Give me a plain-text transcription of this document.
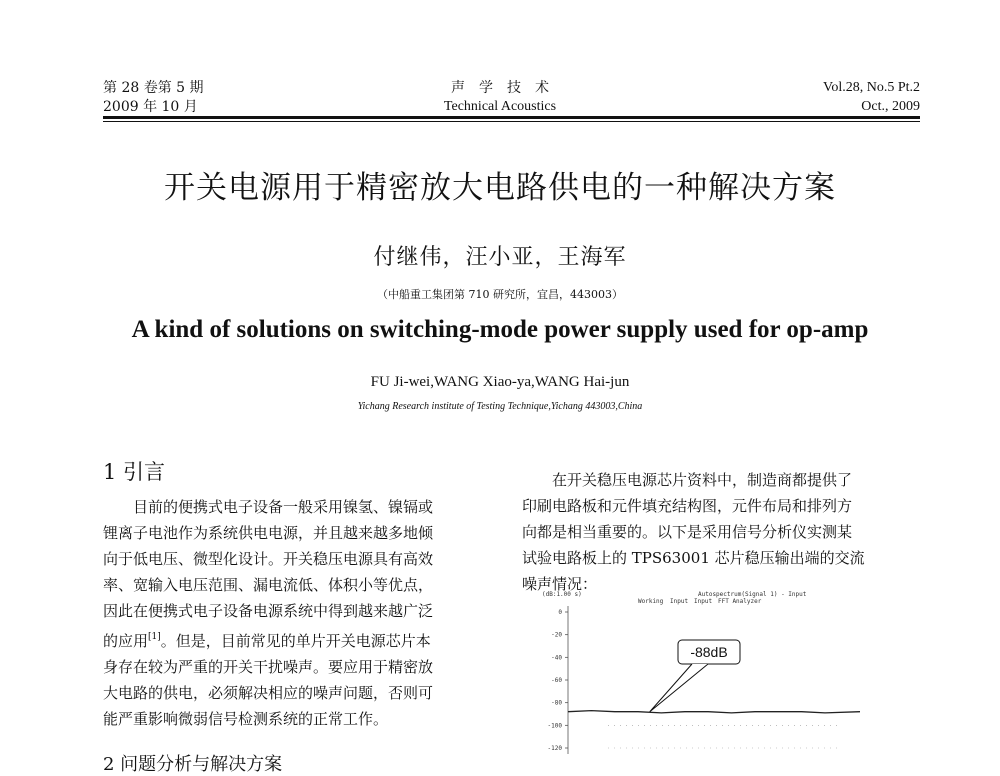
第 28 卷第 5 期
2009 年 10 月
声　学　技　术
Technical Acoustics
Vol.28, No.5 Pt.2
Oct., 2009
开关电源用于精密放大电路供电的一种解决方案
付继伟，汪小亚，王海军
（中船重工集团第 710 研究所，宜昌，443003）
A kind of solutions on switching-mode power supply used for op-amp
FU Ji-wei,WANG Xiao-ya,WANG Hai-jun
Yichang Research institute of Testing Technique,Yichang 443003,China
1 引言
目前的便携式电子设备一般采用镍氢、镍镉或
锂离子电池作为系统供电电源，并且越来越多地倾
向于低电压、微型化设计。开关稳压电源具有高效
率、宽输入电压范围、漏电流低、体积小等优点，
因此在便携式电子设备电源系统中得到越来越广泛
的应用[1]。但是，目前常见的单片开关电源芯片本
身存在较为严重的开关干扰噪声。要应用于精密放
大电路的供电，必须解决相应的噪声问题，否则可
能严重影响微弱信号检测系统的正常工作。
在开关稳压电源芯片资料中，制造商都提供了
印刷电路板和元件填充结构图，元件布局和排列方
向都是相当重要的。以下是采用信号分析仪实测某
试验电路板上的 TPS63001 芯片稳压输出端的交流
噪声情况：
(dB:1.00 s)	Autospectrum(Signal 1) - Input
Working Input Input FFT Analyzer
0
-20
-40
-60
-80
-100
-120
-88dB
2 问题分析与解决方案
